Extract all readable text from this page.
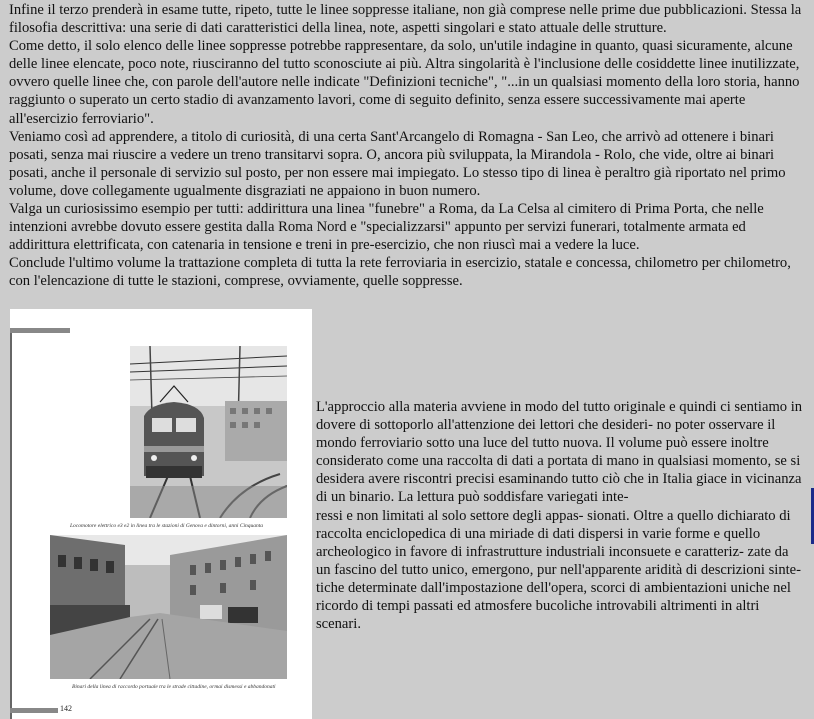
Infine il terzo prenderà in esame tutte, ripeto, tutte le linee soppresse italiane, non già comprese nelle prime due pubblicazioni. Stessa la filosofia descrittiva: una serie di dati caratteristici della linea, note, aspetti singolari e stato attuale delle strutture.

Come detto, il solo elenco delle linee soppresse potrebbe rappresentare, da solo, un'utile indagine in quanto, quasi sicuramente, alcune delle linee elencate, poco note, riusciranno del tutto sconosciute ai più. Altra singolarità è l'inclusione delle cosiddette linee inutilizzate, ovvero quelle linee che, con parole dell'autore nelle indicate "Definizioni tecniche", "...in un qualsiasi momento della loro storia, hanno raggiunto o superato un certo stadio di avanzamento lavori, come di seguito definito, senza essere successivamente mai aperte all'esercizio ferroviario".

Veniamo così ad apprendere, a titolo di curiosità, di una certa Sant'Arcangelo di Romagna - San Leo, che arrivò ad ottenere i binari posati, senza mai riuscire a vedere un treno transitarvi sopra. O, ancora più sviluppata, la Mirandola - Rolo, che vide, oltre ai binari posati, anche il personale di servizio sul posto, per non essere mai impiegato. Lo stesso tipo di linea è peraltro già riportato nel primo volume, dove collegamente ugualmente disgraziati ne appaiono in buon numero.

Valga un curiosissimo esempio per tutti: addirittura una linea "funebre" a Roma, da La Celsa al cimitero di Prima Porta, che nelle intenzioni avrebbe dovuto essere gestita dalla Roma Nord e "specializzarsi" appunto per servizi funerari, totalmente armata ed addirittura elettrificata, con catenaria in tensione e treni in pre-esercizio, che non riuscì mai a vedere la luce.

Conclude l'ultimo volume la trattazione completa di tutta la rete ferroviaria in esercizio, statale e concessa, chilometro per chilometro, con l'elencazione di tutte le stazioni, comprese, ovviamente, quelle soppresse.

Locomotore elettrico e3 e2 in linea tra le stazioni di Genova e dintorni, anni Cinquanta
Binari della linea di raccordo portuale tra le strade cittadine, ormai dismessi e abbandonati
142

L'approccio alla materia avviene in modo del tutto originale e quindi ci sentiamo in dovere di sottoporlo all'attenzione dei lettori che desideri- no poter osservare il mondo ferroviario sotto una luce del tutto nuova. Il volume può essere inoltre considerato come una raccolta di dati a portata di mano in qualsiasi momento, se si desidera avere riscontri precisi esaminando tutto ciò che in Italia giace in vicinanza di un binario. La lettura può soddisfare variegati inte-

ressi e non limitati al solo settore degli appas- sionati. Oltre a quello dichiarato di raccolta enciclopedica di una miriade di dati dispersi in varie forme e quello archeologico in favore di infrastrutture industriali inconsuete e caratteriz- zate da un fascino del tutto unico, emergono, pur nell'apparente aridità di descrizioni sinte- tiche determinate dall'impostazione dell'opera, scorci di ambientazioni uniche nel ricordo di tempi passati ed atmosfere bucoliche introvabili altrimenti in altri scenari.
